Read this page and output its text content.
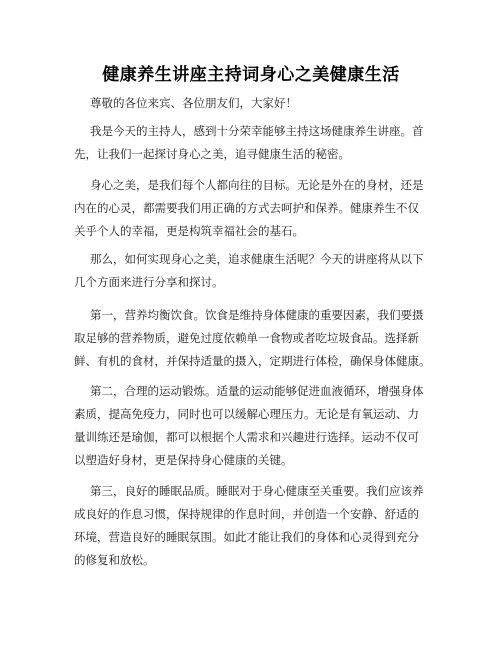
健康养生讲座主持词身心之美健康生活

尊敬的各位来宾、各位朋友们，大家好！

我是今天的主持人，感到十分荣幸能够主持这场健康养生讲座。首
先，让我们一起探讨身心之美，追寻健康生活的秘密。

身心之美，是我们每个人都向往的目标。无论是外在的身材，还是
内在的心灵，都需要我们用正确的方式去呵护和保养。健康养生不仅
关乎个人的幸福，更是构筑幸福社会的基石。

那么，如何实现身心之美，追求健康生活呢？今天的讲座将从以下
几个方面来进行分享和探讨。

第一，营养均衡饮食。饮食是维持身体健康的重要因素，我们要摄
取足够的营养物质，避免过度依赖单一食物或者吃垃圾食品。选择新
鲜、有机的食材，并保持适量的摄入，定期进行体检，确保身体健康。

第二，合理的运动锻炼。适量的运动能够促进血液循环，增强身体
素质，提高免疫力，同时也可以缓解心理压力。无论是有氧运动、力
量训练还是瑜伽，都可以根据个人需求和兴趣进行选择。运动不仅可
以塑造好身材，更是保持身心健康的关键。

第三，良好的睡眠品质。睡眠对于身心健康至关重要。我们应该养
成良好的作息习惯，保持规律的作息时间，并创造一个安静、舒适的
环境，营造良好的睡眠氛围。如此才能让我们的身体和心灵得到充分
的修复和放松。
